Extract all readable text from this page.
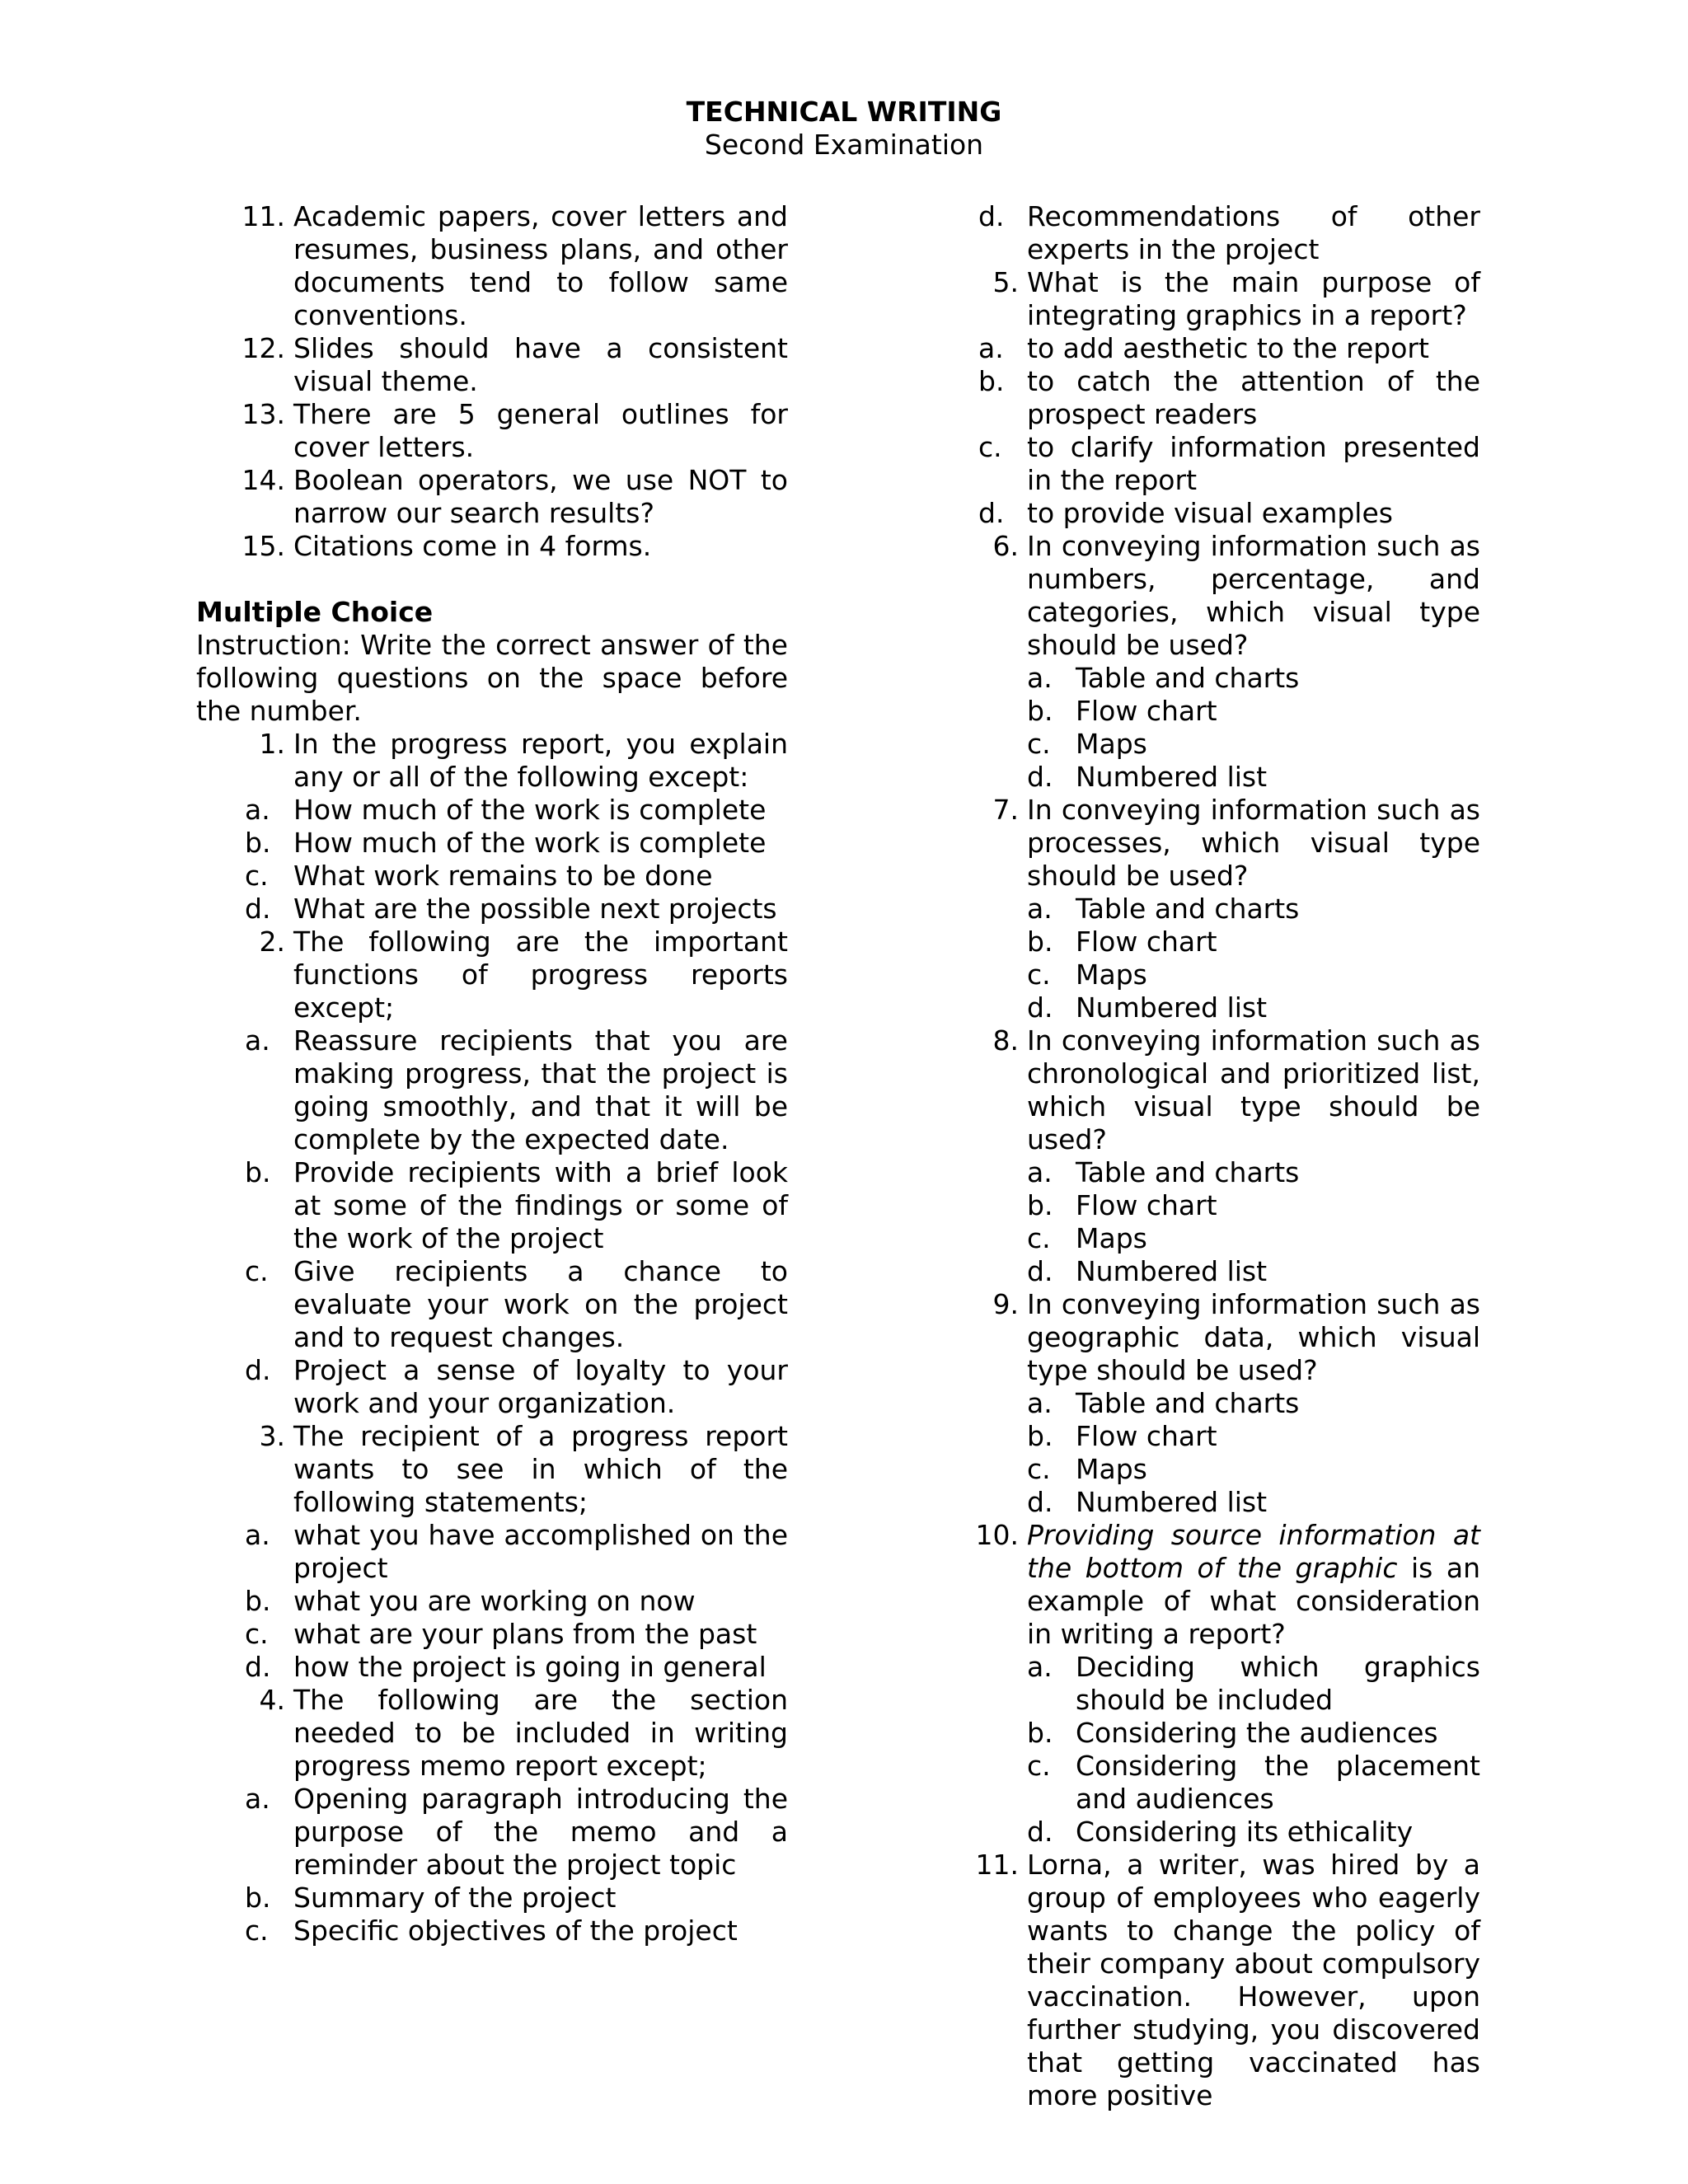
TECHNICAL WRITING
Second Examination
11. Academic papers, cover letters and resumes, business plans, and other documents tend to follow same conventions.
12. Slides should have a consistent visual theme.
13. There are 5 general outlines for cover letters.
14. Boolean operators, we use NOT to narrow our search results?
15. Citations come in 4 forms.
Multiple Choice
Instruction: Write the correct answer of the following questions on the space before the number.
1. In the progress report, you explain any or all of the following except:
a. How much of the work is complete
b. How much of the work is complete
c. What work remains to be done
d. What are the possible next projects
2. The following are the important functions of progress reports except;
a. Reassure recipients that you are making progress, that the project is going smoothly, and that it will be complete by the expected date.
b. Provide recipients with a brief look at some of the findings or some of the work of the project
c. Give recipients a chance to evaluate your work on the project and to request changes.
d. Project a sense of loyalty to your work and your organization.
3. The recipient of a progress report wants to see in which of the following statements;
a. what you have accomplished on the project
b. what you are working on now
c. what are your plans from the past
d. how the project is going in general
4. The following are the section needed to be included in writing progress memo report except;
a. Opening paragraph introducing the purpose of the memo and a reminder about the project topic
b. Summary of the project
c. Specific objectives of the project
d. Recommendations of other experts in the project
5. What is the main purpose of integrating graphics in a report?
a. to add aesthetic to the report
b. to catch the attention of the prospect readers
c. to clarify information presented in the report
d. to provide visual examples
6. In conveying information such as numbers, percentage, and categories, which visual type should be used?
a. Table and charts
b. Flow chart
c. Maps
d. Numbered list
7. In conveying information such as processes, which visual type should be used?
a. Table and charts
b. Flow chart
c. Maps
d. Numbered list
8. In conveying information such as chronological and prioritized list, which visual type should be used?
a. Table and charts
b. Flow chart
c. Maps
d. Numbered list
9. In conveying information such as geographic data, which visual type should be used?
a. Table and charts
b. Flow chart
c. Maps
d. Numbered list
10. Providing source information at the bottom of the graphic is an example of what consideration in writing a report?
a. Deciding which graphics should be included
b. Considering the audiences
c. Considering the placement and audiences
d. Considering its ethicality
11. Lorna, a writer, was hired by a group of employees who eagerly wants to change the policy of their company about compulsory vaccination. However, upon further studying, you discovered that getting vaccinated has more positive
